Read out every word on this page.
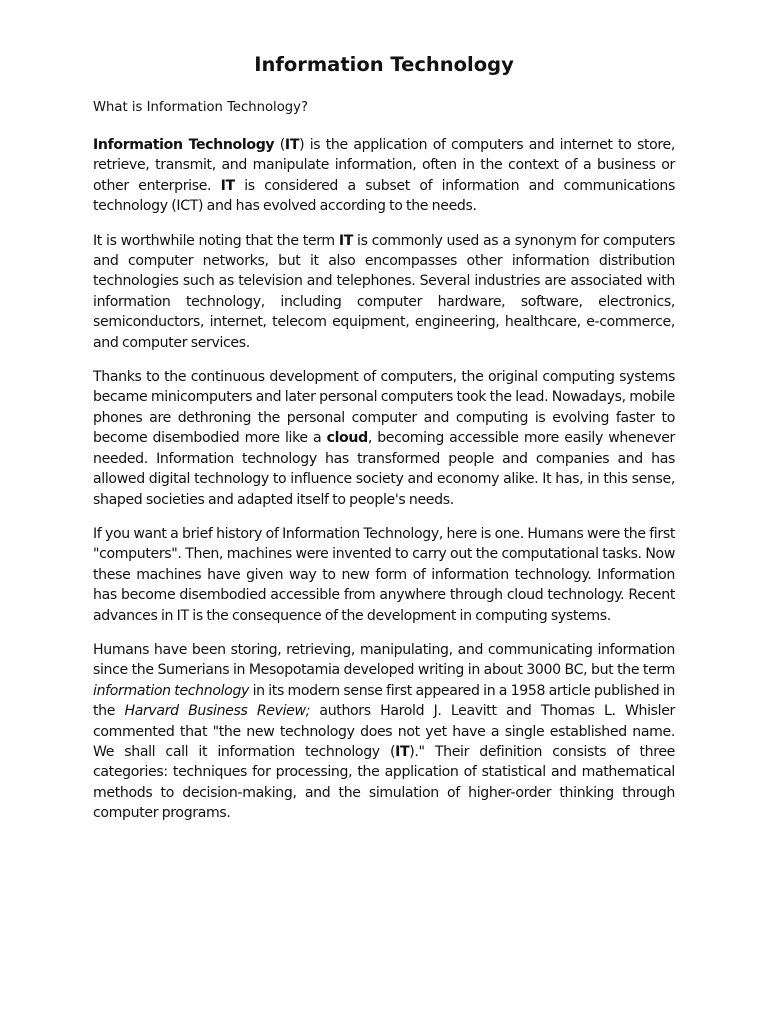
Information Technology

What is Information Technology?

Information Technology (IT) is the application of computers and internet to store, retrieve, transmit, and manipulate information, often in the context of a business or other enterprise. IT is considered a subset of information and communications technology (ICT) and has evolved according to the needs.

It is worthwhile noting that the term IT is commonly used as a synonym for computers and computer networks, but it also encompasses other information distribution technologies such as television and telephones. Several industries are associated with information technology, including computer hardware, software, electronics, semiconductors, internet, telecom equipment, engineering, healthcare, e-commerce, and computer services.

Thanks to the continuous development of computers, the original computing systems became minicomputers and later personal computers took the lead. Nowadays, mobile phones are dethroning the personal computer and computing is evolving faster to become disembodied more like a cloud, becoming accessible more easily whenever needed. Information technology has transformed people and companies and has allowed digital technology to influence society and economy alike. It has, in this sense, shaped societies and adapted itself to people's needs.

If you want a brief history of Information Technology, here is one. Humans were the first "computers". Then, machines were invented to carry out the computational tasks. Now these machines have given way to new form of information technology. Information has become disembodied accessible from anywhere through cloud technology. Recent advances in IT is the consequence of the development in computing systems.

Humans have been storing, retrieving, manipulating, and communicating information since the Sumerians in Mesopotamia developed writing in about 3000 BC, but the term information technology in its modern sense first appeared in a 1958 article published in the Harvard Business Review; authors Harold J. Leavitt and Thomas L. Whisler commented that "the new technology does not yet have a single established name. We shall call it information technology (IT)." Their definition consists of three categories: techniques for processing, the application of statistical and mathematical methods to decision-making, and the simulation of higher-order thinking through computer programs.
